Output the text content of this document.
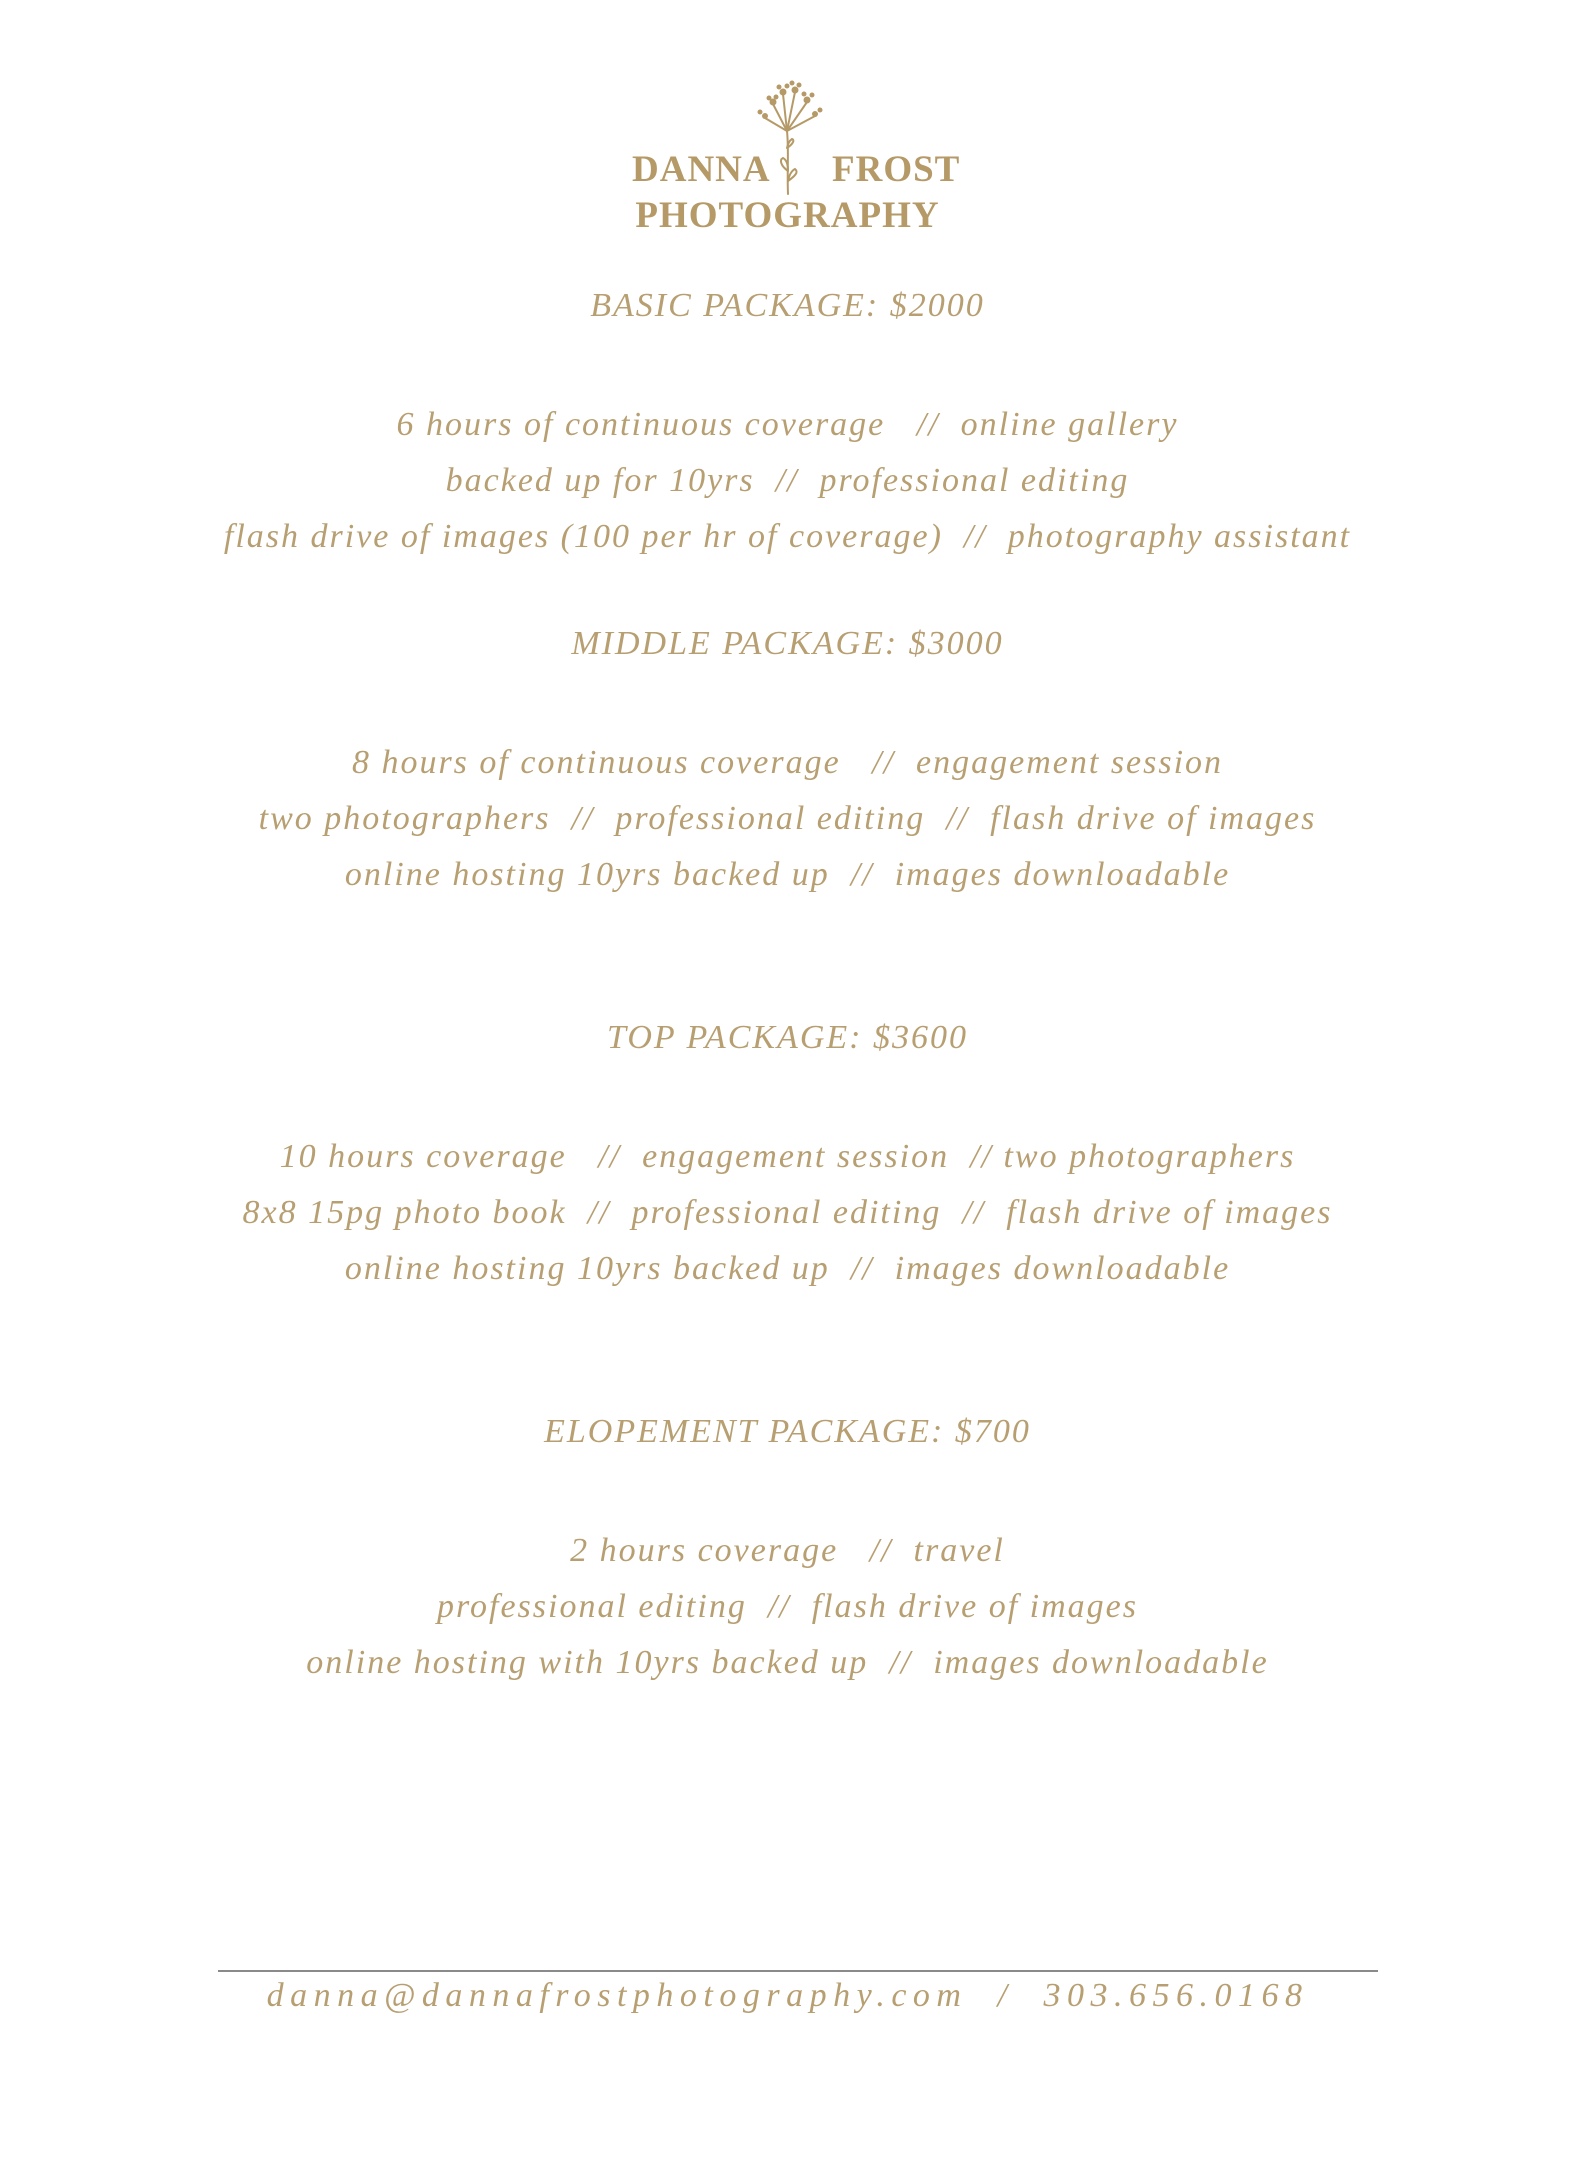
DANNA FROST
PHOTOGRAPHY
BASIC PACKAGE: $2000
6 hours of continuous coverage   //  online gallery
backed up for 10yrs  //  professional editing
flash drive of images (100 per hr of coverage)  //  photography assistant
MIDDLE PACKAGE: $3000
8 hours of continuous coverage   //  engagement session
two photographers  //  professional editing  //  flash drive of images
online hosting 10yrs backed up  //  images downloadable
TOP PACKAGE: $3600
10 hours coverage   //  engagement session  // two photographers
8x8 15pg photo book  //  professional editing  //  flash drive of images
online hosting 10yrs backed up  //  images downloadable
ELOPEMENT PACKAGE: $700
2 hours coverage   //  travel
professional editing  //  flash drive of images
online hosting with 10yrs backed up  //  images downloadable
danna@dannafrostphotography.com  /  303.656.0168
